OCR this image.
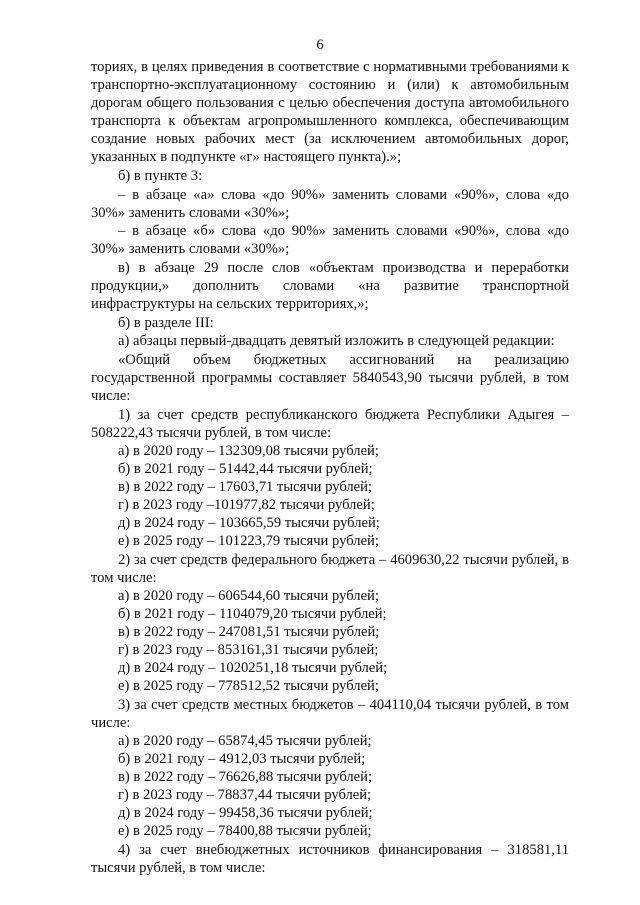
6

ториях, в целях приведения в соответствие с нормативными требованиями к транспортно-эксплуатационному состоянию и (или) к автомобильным дорогам общего пользования с целью обеспечения доступа автомобильного транспорта к объектам агропромышленного комплекса, обеспечивающим создание новых рабочих мест (за исключением автомобильных дорог, указанных в подпункте «г» настоящего пункта).»;

б) в пункте 3:

– в абзаце «а» слова «до 90%» заменить словами «90%», слова «до 30%» заменить словами «30%»;

– в абзаце «б» слова «до 90%» заменить словами «90%», слова «до 30%» заменить словами «30%»;

в) в абзаце 29 после слов «объектам производства и переработки продукции,» дополнить словами «на развитие транспортной инфраструктуры на сельских территориях,»;

б) в разделе III:

а) абзацы первый-двадцать девятый изложить в следующей редакции:

«Общий объем бюджетных ассигнований на реализацию государственной программы составляет 5840543,90 тысячи рублей, в том числе:

1) за счет средств республиканского бюджета Республики Адыгея – 508222,43 тысячи рублей, в том числе:

а) в 2020 году – 132309,08 тысячи рублей;

б) в 2021 году – 51442,44 тысячи рублей;

в) в 2022 году – 17603,71 тысячи рублей;

г) в 2023 году –101977,82 тысячи рублей;

д) в 2024 году – 103665,59 тысячи рублей;

е) в 2025 году – 101223,79 тысячи рублей;

2) за счет средств федерального бюджета – 4609630,22 тысячи рублей, в том числе:

а) в 2020 году – 606544,60 тысячи рублей;

б) в 2021 году – 1104079,20 тысячи рублей;

в) в 2022 году – 247081,51 тысячи рублей;

г) в 2023 году – 853161,31 тысячи рублей;

д) в 2024 году – 1020251,18 тысячи рублей;

е) в 2025 году – 778512,52 тысячи рублей;

3) за счет средств местных бюджетов – 404110,04 тысячи рублей, в том числе:

а) в 2020 году – 65874,45 тысячи рублей;

б) в 2021 году – 4912,03 тысячи рублей;

в) в 2022 году – 76626,88 тысячи рублей;

г) в 2023 году – 78837,44 тысячи рублей;

д) в 2024 году – 99458,36 тысячи рублей;

е) в 2025 году – 78400,88 тысячи рублей;

4) за счет внебюджетных источников финансирования – 318581,11 тысячи рублей, в том числе:
